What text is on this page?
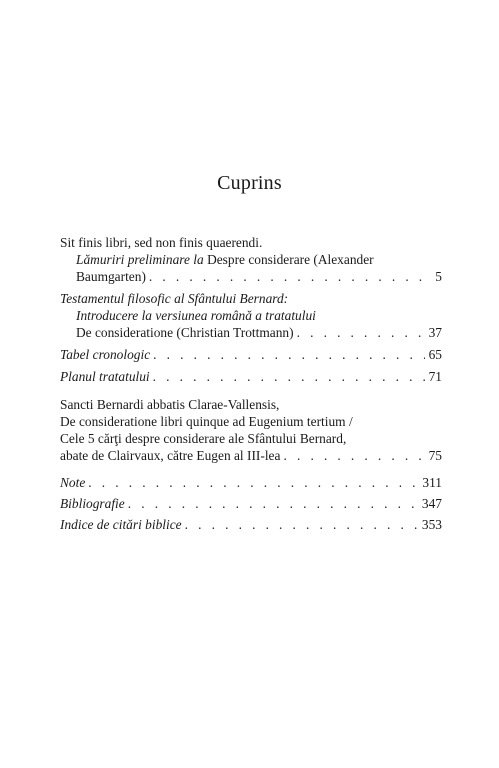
Cuprins
Sit finis libri, sed non finis quaerendi.
Lămuriri preliminare la Despre considerare (Alexander
Baumgarten) . . .	5
Testamentul filosofic al Sfântului Bernard:
Introducere la versiunea română a tratatului
De consideratione (Christian Trottmann) . . .	37
Tabel cronologic . . .	65
Planul tratatului . . .	71
Sancti Bernardi abbatis Clarae-Vallensis,
De consideratione libri quinque ad Eugenium tertium /
Cele 5 cărţi despre considerare ale Sfântului Bernard,
abate de Clairvaux, către Eugen al III-lea . . .	75
Note . . .	311
Bibliografie . . .	347
Indice de citări biblice . . .	353
